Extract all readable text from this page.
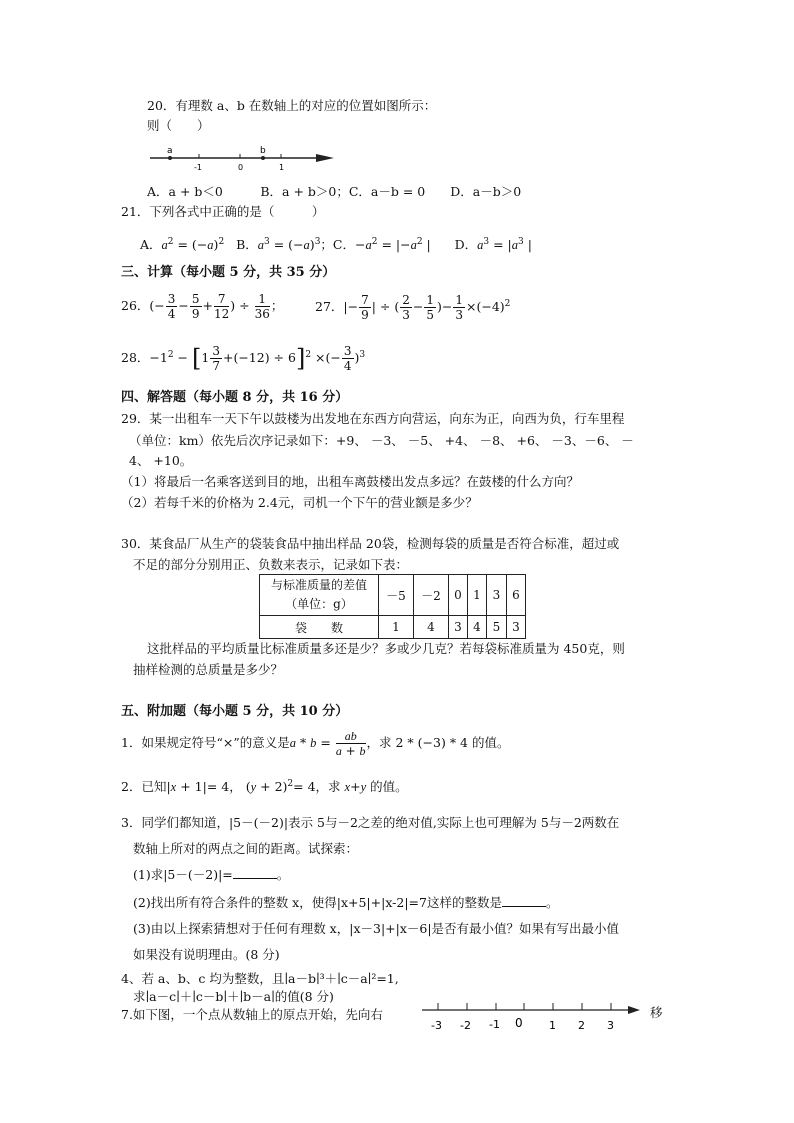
20．有理数 a、b 在数轴上的对应的位置如图所示：
则（　　）
a	b
-1	0	1
A．a + b＜0　　　B．a + b＞0；C．a－b = 0　　D．a－b＞0
21．下列各式中正确的是（　　　）
A．$a^2 = (-a)^2$ B．$a^3 = (-a)^3$；C．$-a^2 = |-a^2$ |      D．$a^3 = |a^3$ |
三、计算（每小题 5 分，共 35 分）
26．(− $\frac{3}{4} - \frac{5}{9} + \frac{7}{12}$ ) ÷ $\frac{1}{36}$ ；	27．|− $\frac{7}{9}$ | ÷ ( $\frac{2}{3} - \frac{1}{5}$ )− $\frac{1}{3} \times(-4)^2$
28．$-1^2 - [1 \frac{3}{7} +(-12) \div 6]^2$ ×(− $\frac{3}{4} )^3$
四、解答题（每小题 8 分，共 16 分）
29．某一出租车一天下午以鼓楼为出发地在东西方向营运，向东为正，向西为负，行车里程
（单位：km）依先后次序记录如下：+9、 －3、 －5、 +4、 －8、 +6、 －3、－6、 －
4、 +10。
（1）将最后一名乘客送到目的地，出租车离鼓楼出发点多远？在鼓楼的什么方向？
（2）若每千米的价格为 2.4元，司机一个下午的营业额是多少？
30．某食品厂从生产的袋装食品中抽出样品 20袋，检测每袋的质量是否符合标准，超过或
不足的部分分别用正、负数来表示，记录如下表：
与标准质量的差值
（单位：g）	－5	－2	0	1	3	6
袋　　数	1	4	3	4	5	3
这批样品的平均质量比标准质量多还是少？多或少几克？若每袋标准质量为 450克，则
抽样检测的总质量是多少？
五、附加题（每小题 5 分，共 10 分）
1．如果规定符号“×”的意义是$a * b = \frac{ab}{a + b}$ ，求 2 * (−3) * 4 的值。
2．已知|x + 1|= 4， $(y + 2)^2= 4$，求 x+y 的值。
3．同学们都知道，|5－(－2)|表示 5与－2之差的绝对值,实际上也可理解为 5与－2两数在
数轴上所对的两点之间的距离。试探索：
(1)求|5－(－2)|=	。
(2)找出所有符合条件的整数 x，使得|x+5|+|x-2|=7这样的整数是	。
(3)由以上探索猜想对于任何有理数 x，|x－3|+|x－6|是否有最小值？如果有写出最小值
如果没有说明理由。(8 分)
4、若 a、b、c 均为整数，且∣a－b∣³＋∣c－a∣²=1,
求∣a－c∣＋∣c－b∣＋∣b－a∣的值(8 分)
7.如下图，一个点从数轴上的原点开始，先向右
-3 -2 -1 0 1 2 3
移
